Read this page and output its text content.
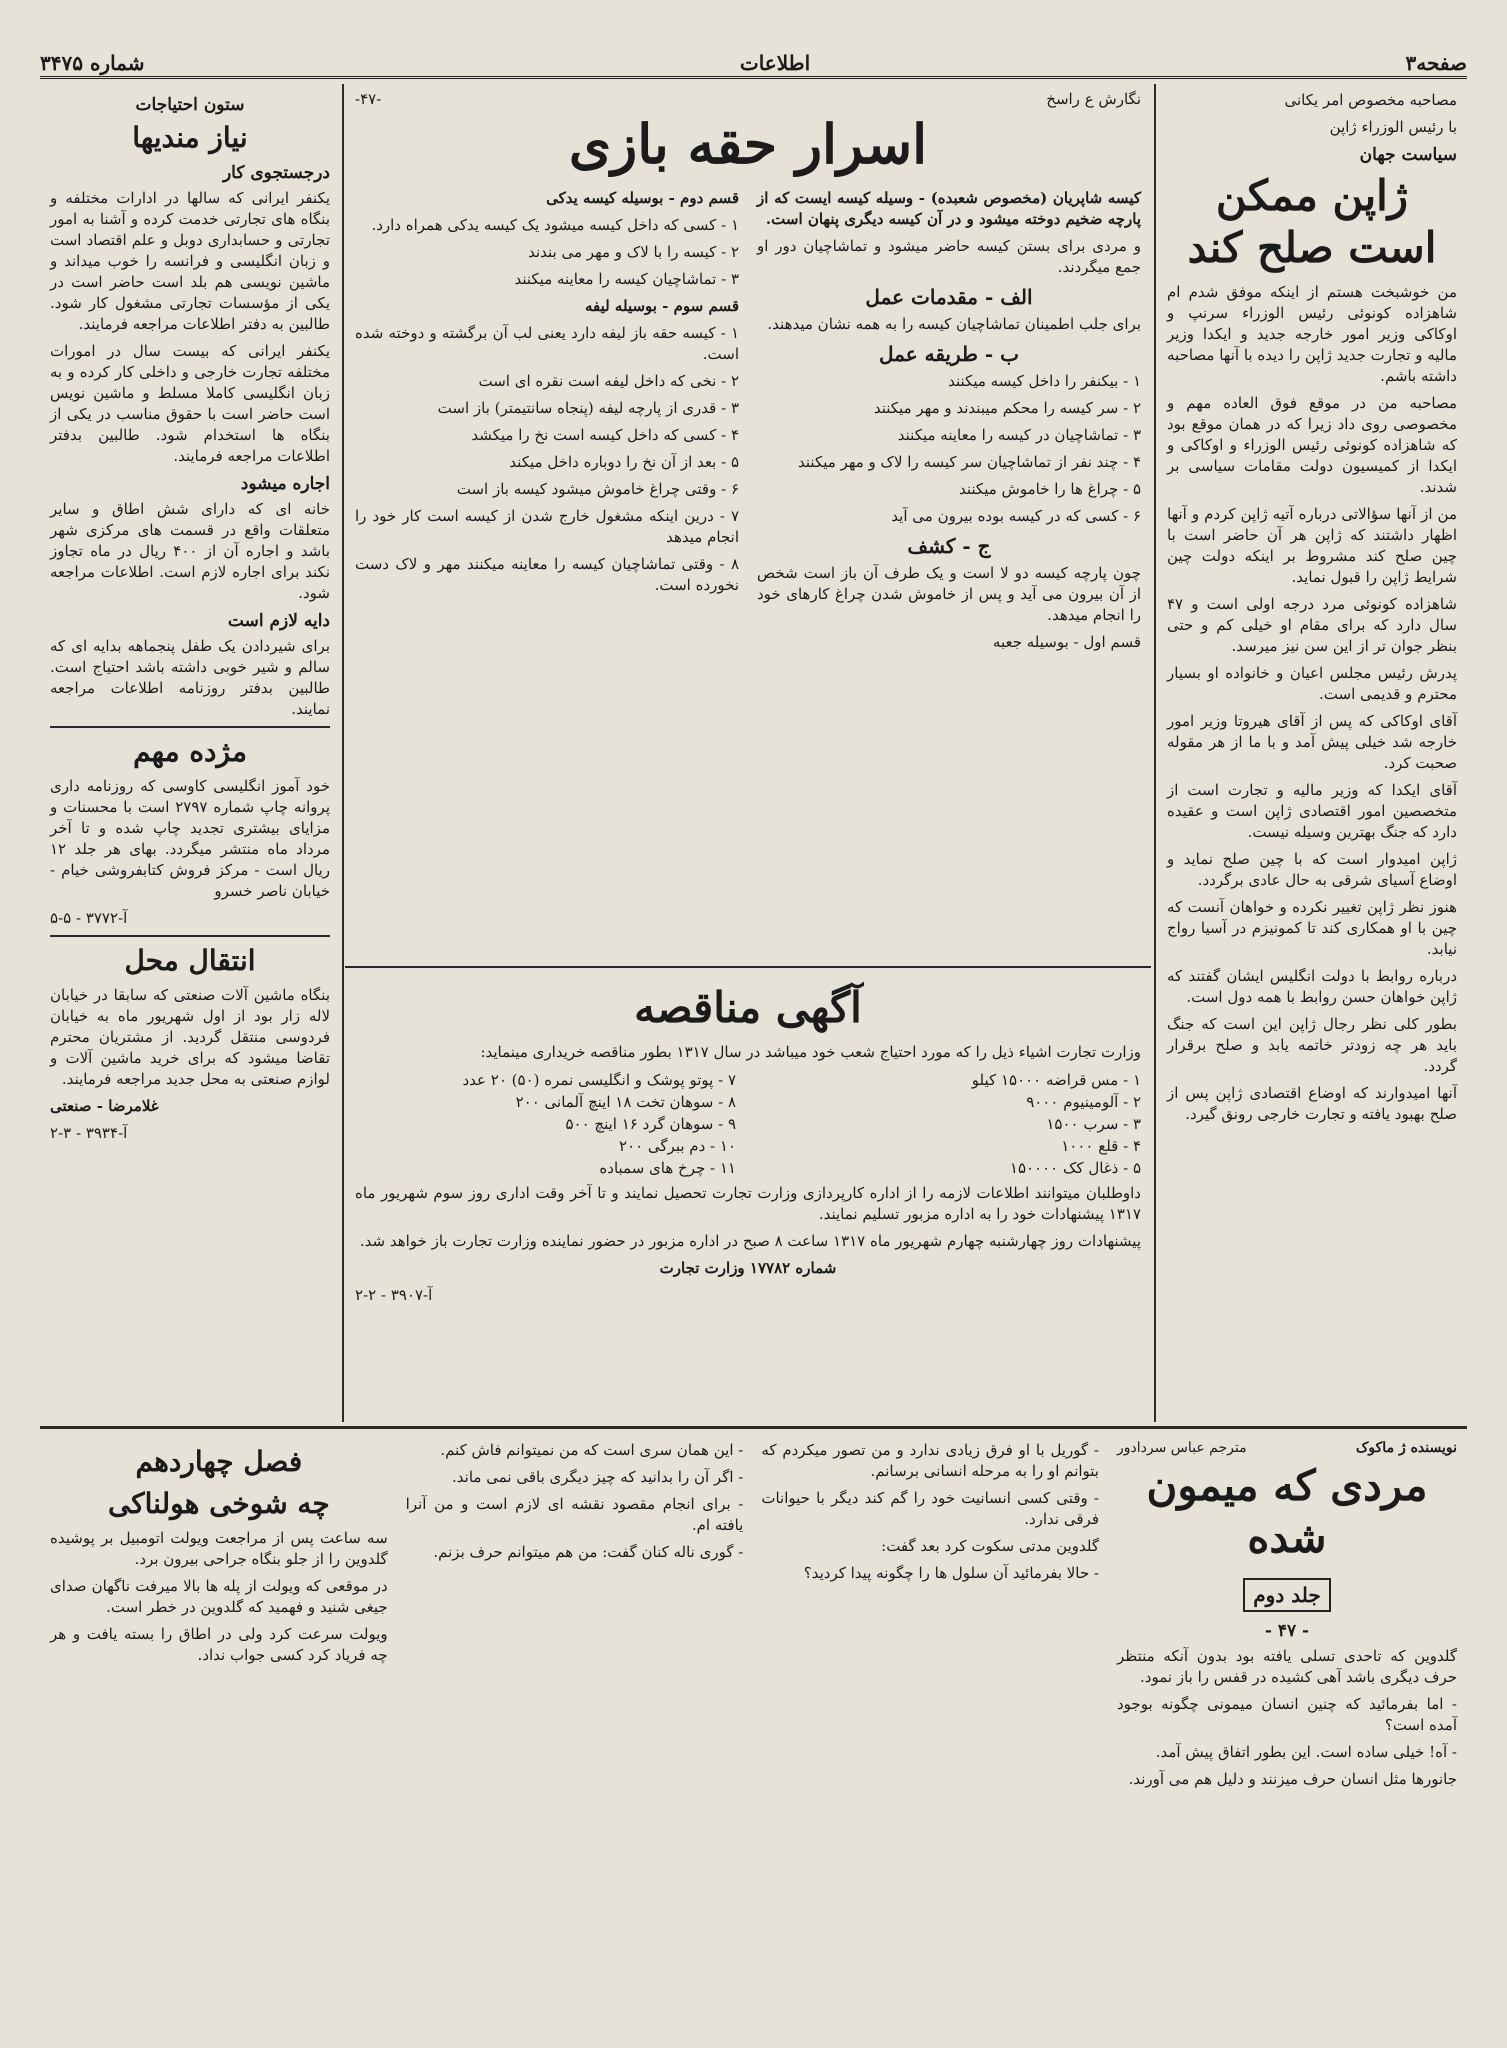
صفحه۳
اطلاعات
شماره ۳۴۷۵

مصاحبه مخصوص امر یکانی

با رئیس الوزراء ژاپن

سیاست جهان
ژاپن ممکن است صلح کند

من خوشبخت هستم از اینکه موفق شدم ام شاهزاده کونوئی رئیس الوزراء سرنپ و اوکاکی وزیر امور خارجه جدید و ایکدا وزیر مالیه و تجارت جدید ژاپن را دیده با آنها مصاحبه داشته باشم.

مصاحبه من در موقع فوق العاده مهم و مخصوصی روی داد زیرا که در همان موقع بود که شاهزاده کونوئی رئیس الوزراء و اوکاکی و ایکدا از کمیسیون دولت مقامات سیاسی بر شدند.

من از آنها سؤالاتی درباره آتیه ژاپن کردم و آنها اظهار داشتند که ژاپن هر آن حاضر است با چین صلح کند مشروط بر اینکه دولت چین شرایط ژاپن را قبول نماید.

شاهزاده کونوئی مرد درجه اولی است و ۴۷ سال دارد که برای مقام او خیلی کم و حتی بنظر جوان تر از این سن نیز میرسد.

پدرش رئیس مجلس اعیان و خانواده او بسیار محترم و قدیمی است.

آقای اوکاکی که پس از آقای هیروتا وزیر امور خارجه شد خیلی پیش آمد و با ما از هر مقوله صحبت کرد.

آقای ایکدا که وزیر مالیه و تجارت است از متخصصین امور اقتصادی ژاپن است و عقیده دارد که جنگ بهترین وسیله نیست.

ژاپن امیدوار است که با چین صلح نماید و اوضاع آسیای شرقی به حال عادی برگردد.

هنوز نظر ژاپن تغییر نکرده و خواهان آنست که چین با او همکاری کند تا کمونیزم در آسیا رواج نیابد.

درباره روابط با دولت انگلیس ایشان گفتند که ژاپن خواهان حسن روابط با همه دول است.

بطور کلی نظر رجال ژاپن این است که جنگ باید هر چه زودتر خاتمه یابد و صلح برقرار گردد.

آنها امیدوارند که اوضاع اقتصادی ژاپن پس از صلح بهبود یافته و تجارت خارجی رونق گیرد.

نگارش ع راسخ
-۴۷-
اسرار حقه بازی

کیسه شاپریان (مخصوص شعبده) - وسیله کیسه ایست که از پارچه ضخیم دوخته میشود و در آن کیسه دیگری پنهان است.

و مردی برای بستن کیسه حاضر میشود و تماشاچیان دور او جمع میگردند.

الف - مقدمات عمل

برای جلب اطمینان تماشاچیان کیسه را به همه نشان میدهند.

ب - طریقه عمل

۱ - بیکنفر را داخل کیسه میکنند

۲ - سر کیسه را محکم میبندند و مهر میکنند

۳ - تماشاچیان در کیسه را معاینه میکنند

۴ - چند نفر از تماشاچیان سر کیسه را لاک و مهر میکنند

۵ - چراغ ها را خاموش میکنند

۶ - کسی که در کیسه بوده بیرون می آید

ج - کشف

چون پارچه کیسه دو لا است و یک طرف آن باز است شخص از آن بیرون می آید و پس از خاموش شدن چراغ کارهای خود را انجام میدهد.

قسم اول - بوسیله جعبه

قسم دوم - بوسیله کیسه یدکی

۱ - کسی که داخل کیسه میشود یک کیسه یدکی همراه دارد.

۲ - کیسه را با لاک و مهر می بندند

۳ - تماشاچیان کیسه را معاینه میکنند

قسم سوم - بوسیله لیفه

۱ - کیسه حقه باز لیفه دارد یعنی لب آن برگشته و دوخته شده است.

۲ - نخی که داخل لیفه است نقره ای است

۳ - قدری از پارچه لیفه (پنجاه سانتیمتر) باز است

۴ - کسی که داخل کیسه است نخ را میکشد

۵ - بعد از آن نخ را دوباره داخل میکند

۶ - وقتی چراغ خاموش میشود کیسه باز است

۷ - درین اینکه مشغول خارج شدن از کیسه است کار خود را انجام میدهد

۸ - وقتی تماشاچیان کیسه را معاینه میکنند مهر و لاک دست نخورده است.

آگهی مناقصه

وزارت تجارت اشیاء ذیل را که مورد احتیاج شعب خود میباشد در سال ۱۳۱۷ بطور مناقصه خریداری مینماید:

۱ - مس قراضه ۱۵۰۰۰ کیلو
۲ - آلومینیوم ۹۰۰۰
۳ - سرب ۱۵۰۰
۴ - قلع ۱۰۰۰
۵ - ذغال کک ۱۵۰۰۰۰
۷ - پوتو پوشک و انگلیسی نمره (۵۰) ۲۰ عدد
۸ - سوهان تخت ۱۸ اینچ آلمانی ۲۰۰
۹ - سوهان گرد ۱۶ اینچ ۵۰۰
۱۰ - دم ببرگی ۲۰۰
۱۱ - چرخ های سمباده

داوطلبان میتوانند اطلاعات لازمه را از اداره کارپردازی وزارت تجارت تحصیل نمایند و تا آخر وقت اداری روز سوم شهریور ماه ۱۳۱۷ پیشنهادات خود را به اداره مزبور تسلیم نمایند.

پیشنهادات روز چهارشنبه چهارم شهریور ماه ۱۳۱۷ ساعت ۸ صبح در اداره مزبور در حضور نماینده وزارت تجارت باز خواهد شد.

شماره ۱۷۷۸۲ وزارت تجارت

آ-۳۹۰۷ - ۲-۲

ستون احتیاجات
نیاز مندیها
درجستجوی کار

یکنفر ایرانی که سالها در ادارات مختلفه و بنگاه های تجارتی خدمت کرده و آشنا به امور تجارتی و حسابداری دوبل و علم اقتصاد است و زبان انگلیسی و فرانسه را خوب میداند و ماشین نویسی هم بلد است حاضر است در یکی از مؤسسات تجارتی مشغول کار شود. طالبین به دفتر اطلاعات مراجعه فرمایند.

یکنفر ایرانی که بیست سال در امورات مختلفه تجارت خارجی و داخلی کار کرده و به زبان انگلیسی کاملا مسلط و ماشین نویس است حاضر است با حقوق مناسب در یکی از بنگاه ها استخدام شود. طالبین بدفتر اطلاعات مراجعه فرمایند.

اجاره میشود

خانه ای که دارای شش اطاق و سایر متعلقات واقع در قسمت های مرکزی شهر باشد و اجاره آن از ۴۰۰ ریال در ماه تجاوز نکند برای اجاره لازم است. اطلاعات مراجعه شود.

دایه لازم است

برای شیردادن یک طفل پنجماهه بدایه ای که سالم و شیر خوبی داشته باشد احتیاج است. طالبین بدفتر روزنامه اطلاعات مراجعه نمایند.

مژده مهم

خود آموز انگلیسی کاوسی که روزنامه داری پروانه چاپ شماره ۲۷۹۷ است با محسنات و مزایای بیشتری تجدید چاپ شده و تا آخر مرداد ماه منتشر میگردد. بهای هر جلد ۱۲ ریال است - مرکز فروش کتابفروشی خیام - خیابان ناصر خسرو

آ-۳۷۷۲ - ۵-۵

انتقال محل

بنگاه ماشین آلات صنعتی که سابقا در خیابان لاله زار بود از اول شهریور ماه به خیابان فردوسی منتقل گردید. از مشتریان محترم تقاضا میشود که برای خرید ماشین آلات و لوازم صنعتی به محل جدید مراجعه فرمایند.

غلامرضا - صنعتی

آ-۳۹۳۴ - ۳-۲

نویسنده ژ ماکوک
مترجم عباس سردادور
مردی که میمون شده
جلد دوم
- ۴۷ -

گلدوین که تاحدی تسلی یافته بود بدون آنکه منتظر حرف دیگری باشد آهی کشیده در قفس را باز نمود.

- اما بفرمائید که چنین انسان میمونی چگونه بوجود آمده است؟

- آه! خیلی ساده است. این بطور اتفاق پیش آمد.

جانورها مثل انسان حرف میزنند و دلیل هم می آورند.

- گوریل با او فرق زیادی ندارد و من تصور میکردم که بتوانم او را به مرحله انسانی برسانم.

- وقتی کسی انسانیت خود را گم کند دیگر با حیوانات فرقی ندارد.

گلدوین مدتی سکوت کرد بعد گفت:

- حالا بفرمائید آن سلول ها را چگونه پیدا کردید؟

- این همان سری است که من نمیتوانم فاش کنم.

- اگر آن را بدانید که چیز دیگری باقی نمی ماند.

- برای انجام مقصود نقشه ای لازم است و من آنرا یافته ام.

- گوری ناله کنان گفت: من هم میتوانم حرف بزنم.

فصل چهاردهم
چه شوخی هولناکی

سه ساعت پس از مراجعت ویولت اتومبیل بر پوشیده گلدوین را از جلو بنگاه جراحی بیرون برد.

در موقعی که ویولت از پله ها بالا میرفت ناگهان صدای جیغی شنید و فهمید که گلدوین در خطر است.

ویولت سرعت کرد ولی در اطاق را بسته یافت و هر چه فریاد کرد کسی جواب نداد.
